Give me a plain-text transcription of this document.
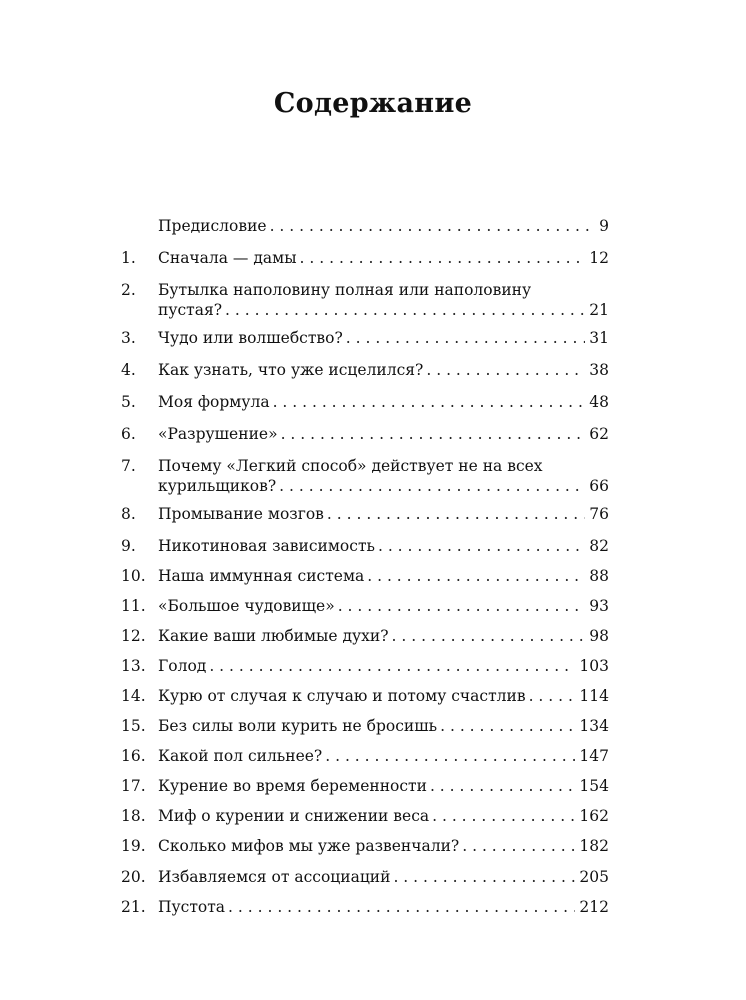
Содержание
Предисловие . . .	9
1.	Сначала — дамы . . .	12
2.	Бутылка наполовину полная или наполовину
пустая? . . .	21
3.	Чудо или волшебство? . . .	31
4.	Как узнать, что уже исцелился? . . .	38
5.	Моя формула . . .	48
6.	«Разрушение» . . .	62
7.	Почему «Легкий способ» действует не на всех
курильщиков? . . .	66
8.	Промывание мозгов . . .	76
9.	Никотиновая зависимость . . .	82
10. Наша иммунная система . . .	88
11. «Большое чудовище» . . .	93
12. Какие ваши любимые духи? . . .	98
13. Голод . . .	103
14. Курю от случая к случаю и потому счастлив . . .	114
15. Без силы воли курить не бросишь . . .	134
16. Какой пол сильнее? . . .	147
17. Курение во время беременности . . .	154
18. Миф о курении и снижении веса . . .	162
19. Сколько мифов мы уже развенчали? . . .	182
20. Избавляемся от ассоциаций . . .	205
21. Пустота . . .	212
